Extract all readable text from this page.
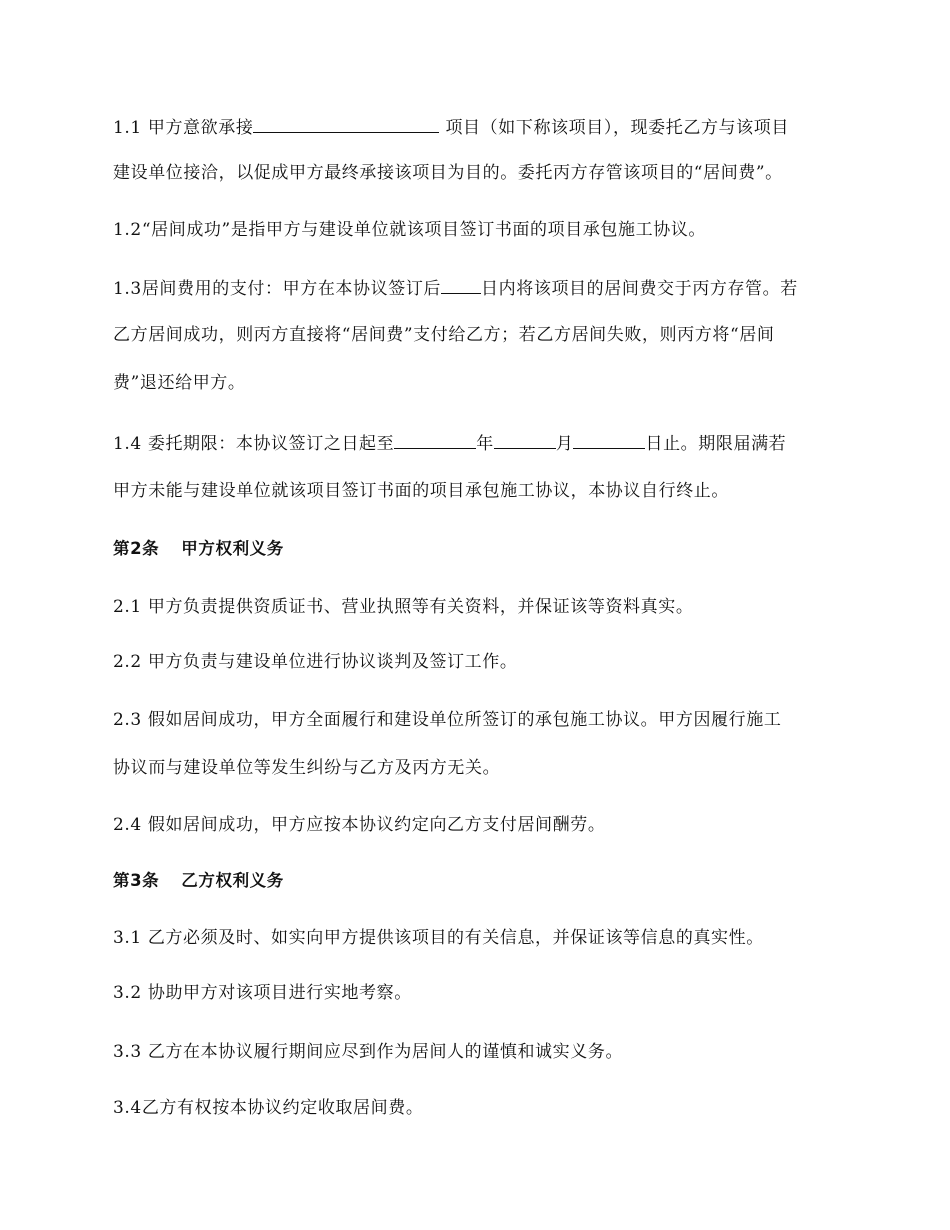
1.1 甲方意欲承接	项目（如下称该项目），现委托乙方与该项目

建设单位接洽，以促成甲方最终承接该项目为目的。委托丙方存管该项目的“居间费”。

1.2“居间成功”是指甲方与建设单位就该项目签订书面的项目承包施工协议。

1.3居间费用的支付：甲方在本协议签订后 日内将该项目的居间费交于丙方存管。若

乙方居间成功，则丙方直接将“居间费”支付给乙方；若乙方居间失败，则丙方将“居间

费”退还给甲方。

1.4 委托期限：本协议签订之日起至	年	月	日止。期限届满若

甲方未能与建设单位就该项目签订书面的项目承包施工协议，本协议自行终止。

第2条 甲方权利义务

2.1 甲方负责提供资质证书、营业执照等有关资料，并保证该等资料真实。

2.2 甲方负责与建设单位进行协议谈判及签订工作。

2.3 假如居间成功，甲方全面履行和建设单位所签订的承包施工协议。甲方因履行施工

协议而与建设单位等发生纠纷与乙方及丙方无关。

2.4 假如居间成功，甲方应按本协议约定向乙方支付居间酬劳。

第3条 乙方权利义务

3.1 乙方必须及时、如实向甲方提供该项目的有关信息，并保证该等信息的真实性。

3.2 协助甲方对该项目进行实地考察。

3.3 乙方在本协议履行期间应尽到作为居间人的谨慎和诚实义务。

3.4乙方有权按本协议约定收取居间费。
